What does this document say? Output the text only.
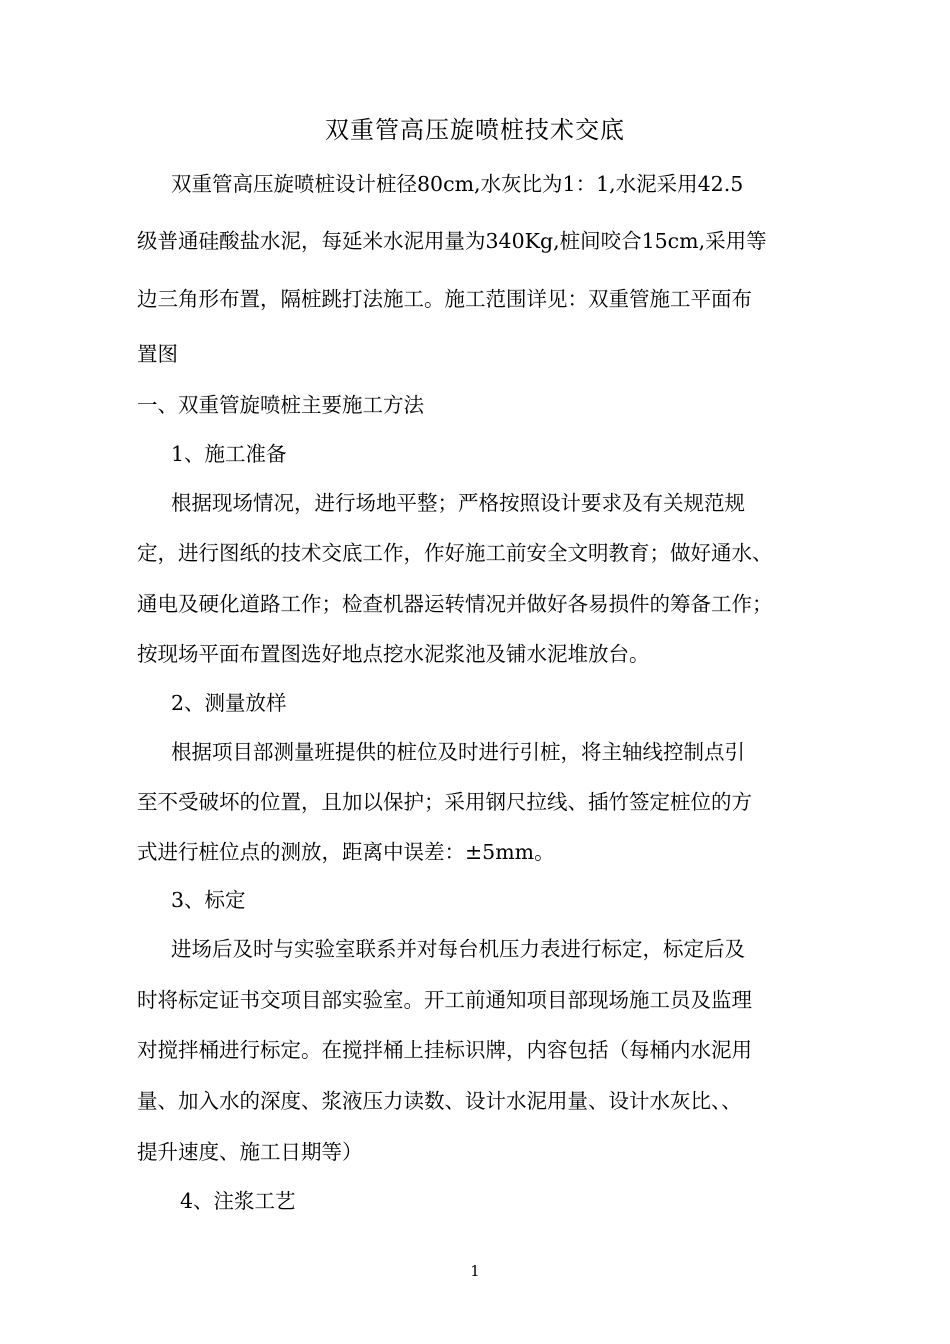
双重管高压旋喷桩技术交底
双重管高压旋喷桩设计桩径80cm,水灰比为1：1,水泥采用42.5
级普通硅酸盐水泥，每延米水泥用量为340Kg,桩间咬合15cm,采用等
边三角形布置，隔桩跳打法施工。施工范围详见：双重管施工平面布
置图
一、双重管旋喷桩主要施工方法
1、施工准备
根据现场情况，进行场地平整；严格按照设计要求及有关规范规
定，进行图纸的技术交底工作，作好施工前安全文明教育；做好通水、
通电及硬化道路工作；检查机器运转情况并做好各易损件的筹备工作；
按现场平面布置图选好地点挖水泥浆池及铺水泥堆放台。
2、测量放样
根据项目部测量班提供的桩位及时进行引桩，将主轴线控制点引
至不受破坏的位置，且加以保护；采用钢尺拉线、插竹签定桩位的方
式进行桩位点的测放，距离中误差：±5mm。
3、标定
进场后及时与实验室联系并对每台机压力表进行标定，标定后及
时将标定证书交项目部实验室。开工前通知项目部现场施工员及监理
对搅拌桶进行标定。在搅拌桶上挂标识牌，内容包括（每桶内水泥用
量、加入水的深度、浆液压力读数、设计水泥用量、设计水灰比、、
提升速度、施工日期等）
4、注浆工艺
1
